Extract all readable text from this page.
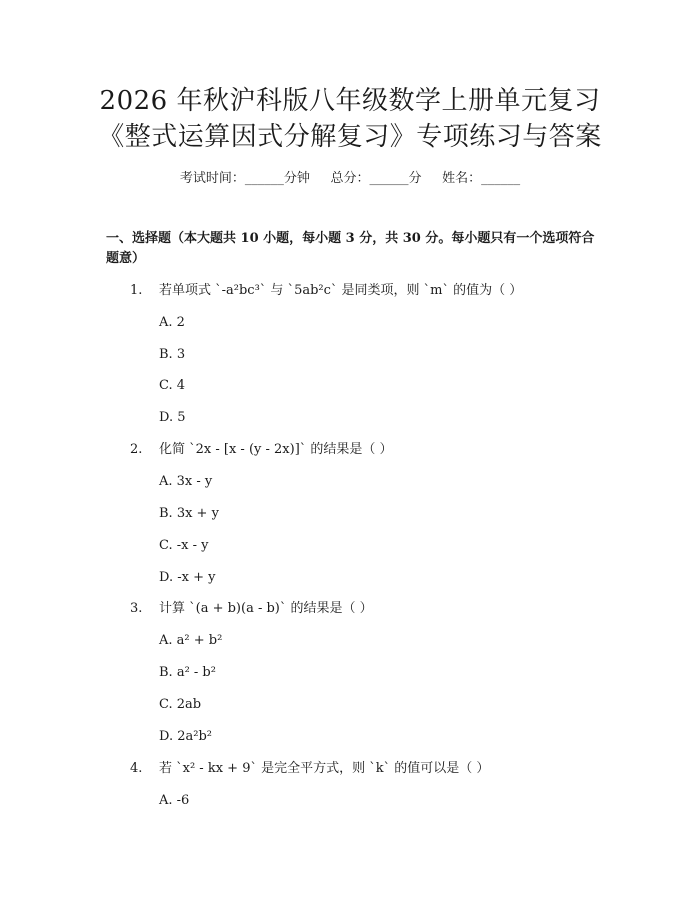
2026 年秋沪科版八年级数学上册单元复习
《整式运算因式分解复习》专项练习与答案
考试时间：______分钟     总分：______分     姓名：______
一、选择题（本大题共 10 小题，每小题 3 分，共 30 分。每小题只有一个选项符合题意）
1. 若单项式 `-a²bc³` 与 `5ab²c` 是同类项，则 `m` 的值为（ ）
A. 2
B. 3
C. 4
D. 5
2. 化简 `2x - [x - (y - 2x)]` 的结果是（ ）
A. 3x - y
B. 3x + y
C. -x - y
D. -x + y
3. 计算 `(a + b)(a - b)` 的结果是（ ）
A. a² + b²
B. a² - b²
C. 2ab
D. 2a²b²
4. 若 `x² - kx + 9` 是完全平方式，则 `k` 的值可以是（ ）
A. -6
